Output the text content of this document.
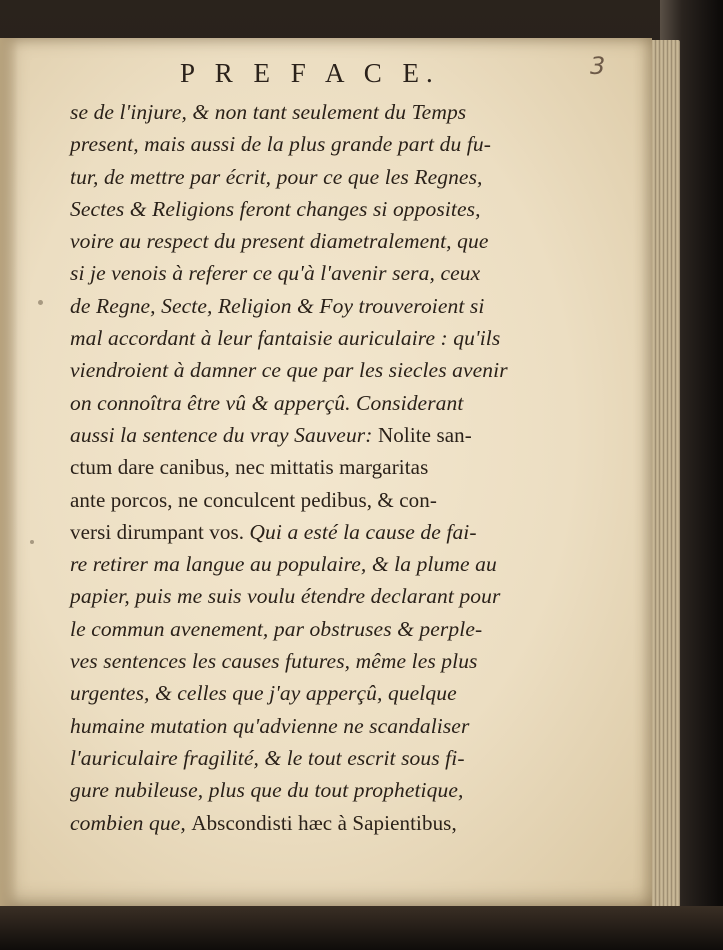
3
P R E F A C E.
se de l'injure, & non tant seulement du Temps
present, mais aussi de la plus grande part du fu-
tur, de mettre par écrit, pour ce que les Regnes,
Sectes & Religions feront changes si opposites,
voire au respect du present diametralement, que
si je venois à referer ce qu'à l'avenir sera, ceux
de Regne, Secte, Religion & Foy trouveroient si
mal accordant à leur fantaisie auriculaire : qu'ils
viendroient à damner ce que par les siecles avenir
on connoîtra être vû & apperçû. Considerant
aussi la sentence du vray Sauveur: Nolite san-
ctum dare canibus, nec mittatis margaritas
ante porcos, ne conculcent pedibus, & con-
versi dirumpant vos. Qui a esté la cause de fai-
re retirer ma langue au populaire, & la plume au
papier, puis me suis voulu étendre declarant pour
le commun avenement, par obstruses & perple-
ves sentences les causes futures, même les plus
urgentes, & celles que j'ay apperçû, quelque
humaine mutation qu'advienne ne scandaliser
l'auriculaire fragilité, & le tout escrit sous fi-
gure nubileuse, plus que du tout prophetique,
combien que, Abscondisti hæc à Sapientibus,
